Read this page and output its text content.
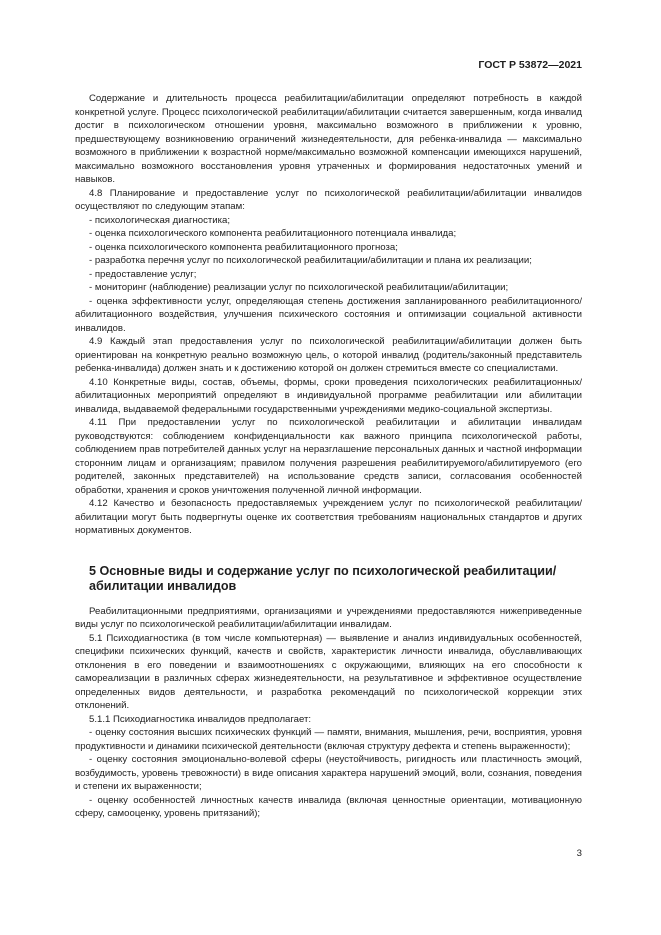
ГОСТ Р 53872—2021

Содержание и длительность процесса реабилитации/абилитации определяют потребность в каждой конкретной услуге. Процесс психологической реабилитации/абилитации считается завершенным, когда инвалид достиг в психологическом отношении уровня, максимально возможного в приближении к уровню, предшествующему возникновению ограничений жизнедеятельности, для ребенка-инвалида — максимально возможного в приближении к возрастной норме/максимально возможной компенсации имеющихся нарушений, максимально возможного восстановления уровня утраченных и формирования недостаточных умений и навыков.

4.8 Планирование и предоставление услуг по психологической реабилитации/абилитации инвалидов осуществляют по следующим этапам:

- психологическая диагностика;

- оценка психологического компонента реабилитационного потенциала инвалида;

- оценка психологического компонента реабилитационного прогноза;

- разработка перечня услуг по психологической реабилитации/абилитации и плана их реализации;

- предоставление услуг;

- мониторинг (наблюдение) реализации услуг по психологической реабилитации/абилитации;

- оценка эффективности услуг, определяющая степень достижения запланированного реабилитационного/абилитационного воздействия, улучшения психического состояния и оптимизации социальной активности инвалидов.

4.9 Каждый этап предоставления услуг по психологической реабилитации/абилитации должен быть ориентирован на конкретную реально возможную цель, о которой инвалид (родитель/законный представитель ребенка-инвалида) должен знать и к достижению которой он должен стремиться вместе со специалистами.

4.10 Конкретные виды, состав, объемы, формы, сроки проведения психологических реабилитационных/абилитационных мероприятий определяют в индивидуальной программе реабилитации или абилитации инвалида, выдаваемой федеральными государственными учреждениями медико-социальной экспертизы.

4.11 При предоставлении услуг по психологической реабилитации и абилитации инвалидам руководствуются: соблюдением конфиденциальности как важного принципа психологической работы, соблюдением прав потребителей данных услуг на неразглашение персональных данных и частной информации сторонним лицам и организациям; правилом получения разрешения реабилитируемого/абилитируемого (его родителей, законных представителей) на использование средств записи, согласования особенностей обработки, хранения и сроков уничтожения полученной личной информации.

4.12 Качество и безопасность предоставляемых учреждением услуг по психологической реабилитации/абилитации могут быть подвергнуты оценке их соответствия требованиям национальных стандартов и других нормативных документов.

5 Основные виды и содержание услуг по психологической реабилитации/абилитации инвалидов

Реабилитационными предприятиями, организациями и учреждениями предоставляются нижеприведенные виды услуг по психологической реабилитации/абилитации инвалидам.

5.1 Психодиагностика (в том числе компьютерная) — выявление и анализ индивидуальных особенностей, специфики психических функций, качеств и свойств, характеристик личности инвалида, обуславливающих отклонения в его поведении и взаимоотношениях с окружающими, влияющих на его способности к самореализации в различных сферах жизнедеятельности, на результативное и эффективное осуществление определенных видов деятельности, и разработка рекомендаций по психологической коррекции этих отклонений.

5.1.1 Психодиагностика инвалидов предполагает:

- оценку состояния высших психических функций — памяти, внимания, мышления, речи, восприятия, уровня продуктивности и динамики психической деятельности (включая структуру дефекта и степень выраженности);

- оценку состояния эмоционально-волевой сферы (неустойчивость, ригидность или пластичность эмоций, возбудимость, уровень тревожности) в виде описания характера нарушений эмоций, воли, сознания, поведения и степени их выраженности;

- оценку особенностей личностных качеств инвалида (включая ценностные ориентации, мотивационную сферу, самооценку, уровень притязаний);

3
